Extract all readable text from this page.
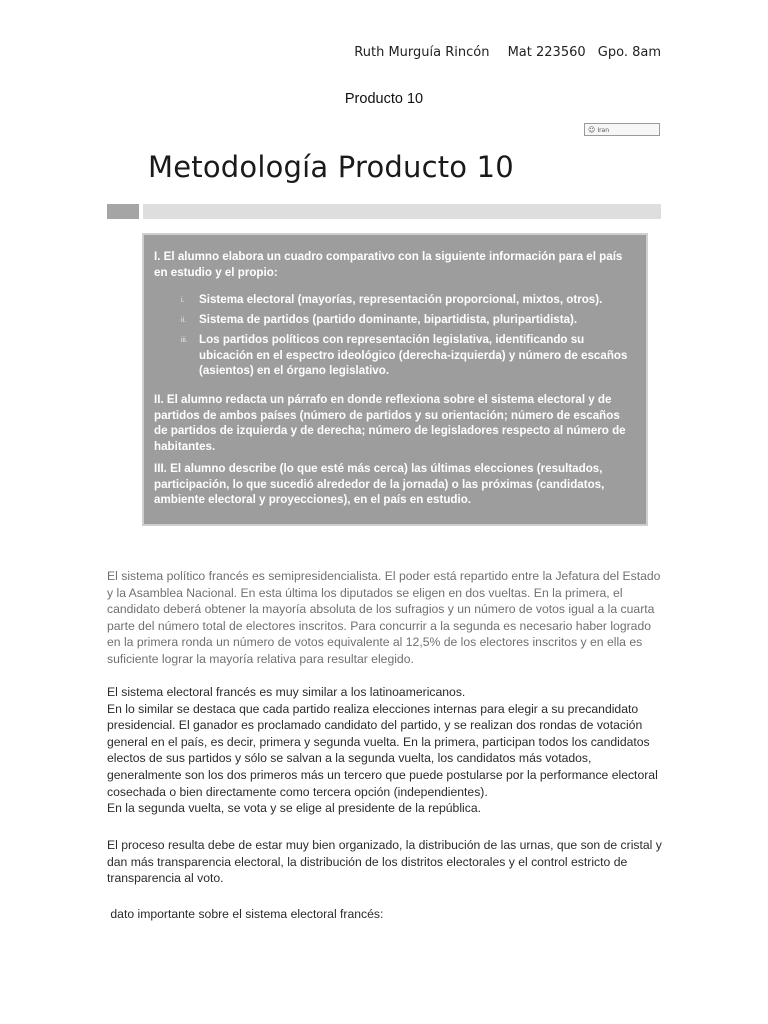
Ruth Murguía Rincón Mat 223560 Gpo. 8am
Producto 10
☺ Iran
Metodología Producto 10

I. El alumno elabora un cuadro comparativo con la siguiente información para el país en estudio y el propio:

i. Sistema electoral (mayorías, representación proporcional, mixtos, otros).
ii. Sistema de partidos (partido dominante, bipartidista, pluripartidista).
iii. Los partidos políticos con representación legislativa, identificando su ubicación en el espectro ideológico (derecha-izquierda) y número de escaños (asientos) en el órgano legislativo.

II. El alumno redacta un párrafo en donde reflexiona sobre el sistema electoral y de partidos de ambos países (número de partidos y su orientación; número de escaños de partidos de izquierda y de derecha; número de legisladores respecto al número de habitantes.

III. El alumno describe (lo que esté más cerca) las últimas elecciones (resultados, participación, lo que sucedió alrededor de la jornada) o las próximas (candidatos, ambiente electoral y proyecciones), en el país en estudio.

El sistema político francés es semipresidencialista. El poder está repartido entre la Jefatura del Estado y la Asamblea Nacional. En esta última los diputados se eligen en dos vueltas. En la primera, el candidato deberá obtener la mayoría absoluta de los sufragios y un número de votos igual a la cuarta parte del número total de electores inscritos. Para concurrir a la segunda es necesario haber logrado en la primera ronda un número de votos equivalente al 12,5% de los electores inscritos y en ella es suficiente lograr la mayoría relativa para resultar elegido.

El sistema electoral francés es muy similar a los latinoamericanos.
En lo similar se destaca que cada partido realiza elecciones internas para elegir a su precandidato presidencial. El ganador es proclamado candidato del partido, y se realizan dos rondas de votación general en el país, es decir, primera y segunda vuelta. En la primera, participan todos los candidatos electos de sus partidos y sólo se salvan a la segunda vuelta, los candidatos más votados, generalmente son los dos primeros más un tercero que puede postularse por la performance electoral cosechada o bien directamente como tercera opción (independientes).
En la segunda vuelta, se vota y se elige al presidente de la república.

El proceso resulta debe de estar muy bien organizado, la distribución de las urnas, que son de cristal y dan más transparencia electoral, la distribución de los distritos electorales y el control estricto de transparencia al voto.

dato importante sobre el sistema electoral francés:
